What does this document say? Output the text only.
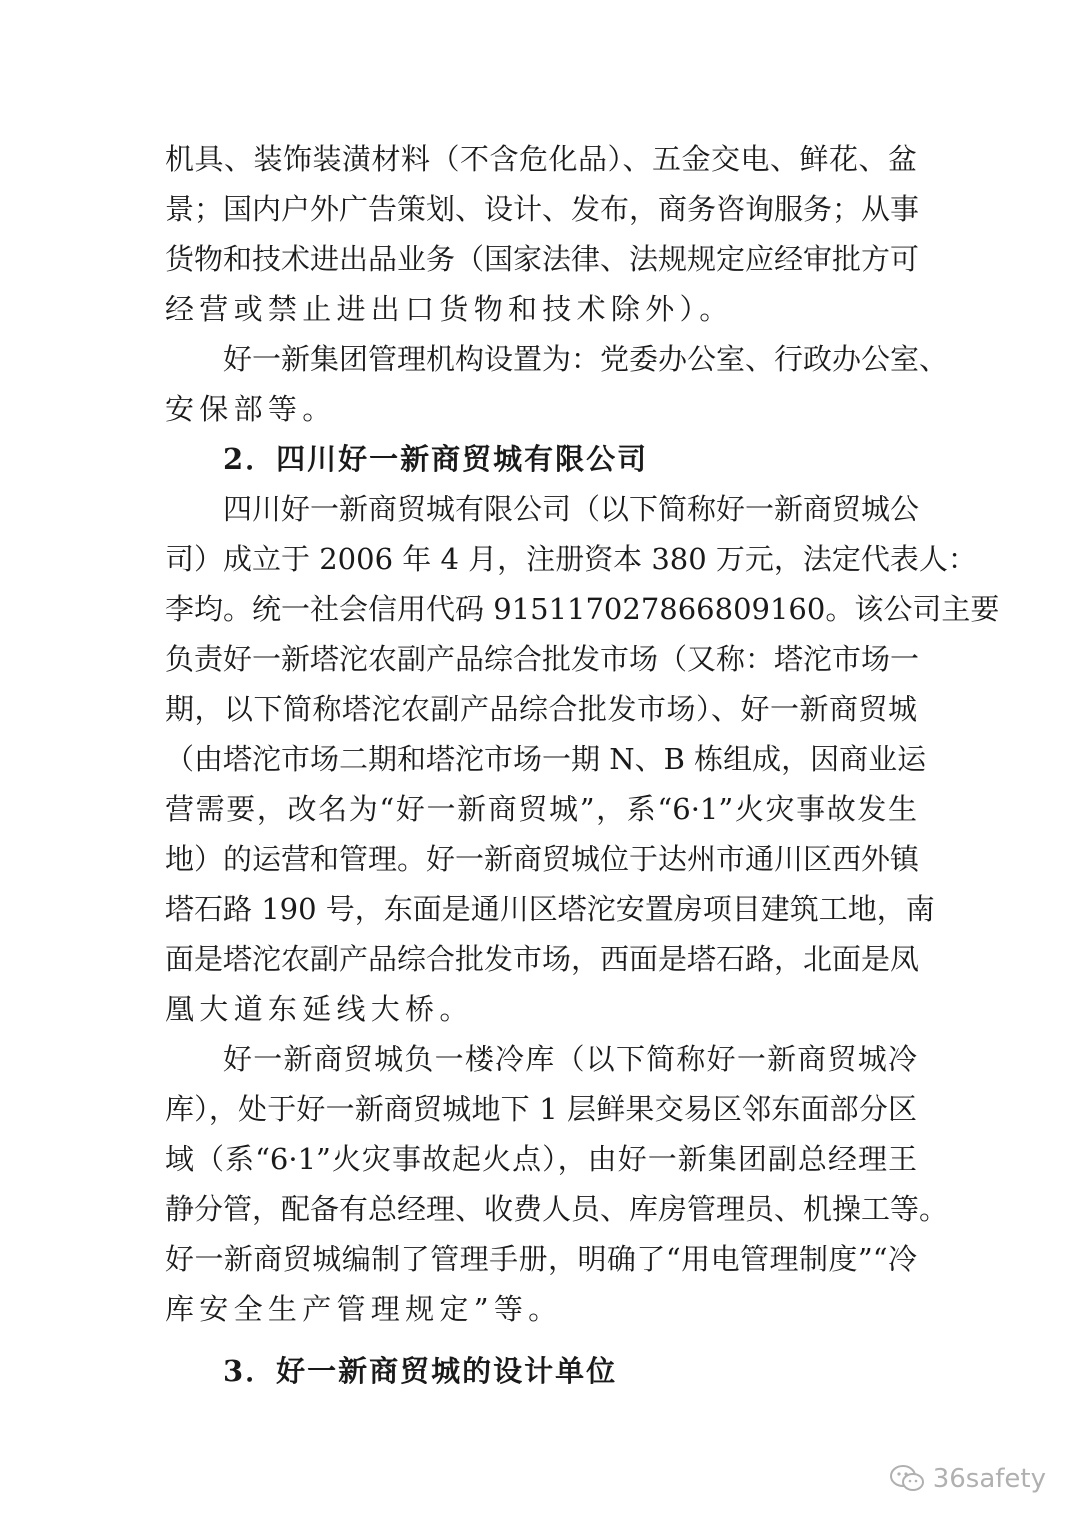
机具、装饰装潢材料（不含危化品）、五金交电、鲜花、盆
景；国内户外广告策划、设计、发布，商务咨询服务；从事
货物和技术进出品业务（国家法律、法规规定应经审批方可
经营或禁止进出口货物和技术除外）。
好一新集团管理机构设置为：党委办公室、行政办公室、
安保部等。
2．四川好一新商贸城有限公司
四川好一新商贸城有限公司（以下简称好一新商贸城公
司）成立于 2006 年 4 月，注册资本 380 万元，法定代表人：
李均。统一社会信用代码 915117027866809160。该公司主要
负责好一新塔沱农副产品综合批发市场（又称：塔沱市场一
期，以下简称塔沱农副产品综合批发市场）、好一新商贸城
（由塔沱市场二期和塔沱市场一期 N、B 栋组成，因商业运
营需要，改名为“好一新商贸城”，系“6·1”火灾事故发生
地）的运营和管理。好一新商贸城位于达州市通川区西外镇
塔石路 190 号，东面是通川区塔沱安置房项目建筑工地，南
面是塔沱农副产品综合批发市场，西面是塔石路，北面是凤
凰大道东延线大桥。
好一新商贸城负一楼冷库（以下简称好一新商贸城冷
库），处于好一新商贸城地下 1 层鲜果交易区邻东面部分区
域（系“6·1”火灾事故起火点），由好一新集团副总经理王
静分管，配备有总经理、收费人员、库房管理员、机操工等。
好一新商贸城编制了管理手册，明确了“用电管理制度”“冷
库安全生产管理规定”等。
3．好一新商贸城的设计单位
36safety
